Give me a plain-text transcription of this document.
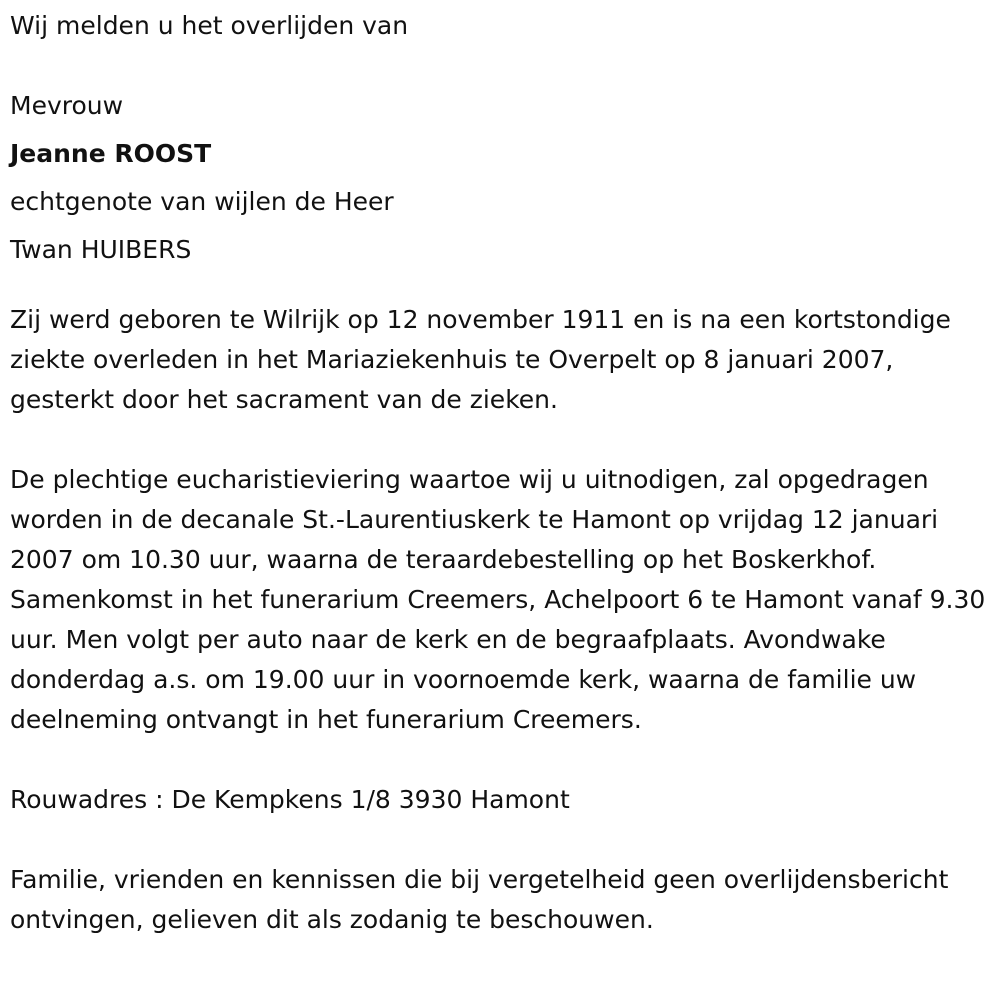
Wij melden u het overlijden van
Mevrouw
Jeanne ROOST
echtgenote van wijlen de Heer
Twan HUIBERS

Zij werd geboren te Wilrijk op 12 november 1911 en is na een kortstondige ziekte overleden in het Mariaziekenhuis te Overpelt op 8 januari 2007, gesterkt door het sacrament van de zieken.

De plechtige eucharistieviering waartoe wij u uitnodigen, zal opgedragen worden in de decanale St.-Laurentiuskerk te Hamont op vrijdag 12 januari 2007 om 10.30 uur, waarna de teraardebestelling op het Boskerkhof. Samenkomst in het funerarium Creemers, Achelpoort 6 te Hamont vanaf 9.30 uur. Men volgt per auto naar de kerk en de begraafplaats. Avondwake donderdag a.s. om 19.00 uur in voornoemde kerk, waarna de familie uw deelneming ontvangt in het funerarium Creemers.

Rouwadres : De Kempkens 1/8 3930 Hamont

Familie, vrienden en kennissen die bij vergetelheid geen overlijdensbericht ontvingen, gelieven dit als zodanig te beschouwen.
